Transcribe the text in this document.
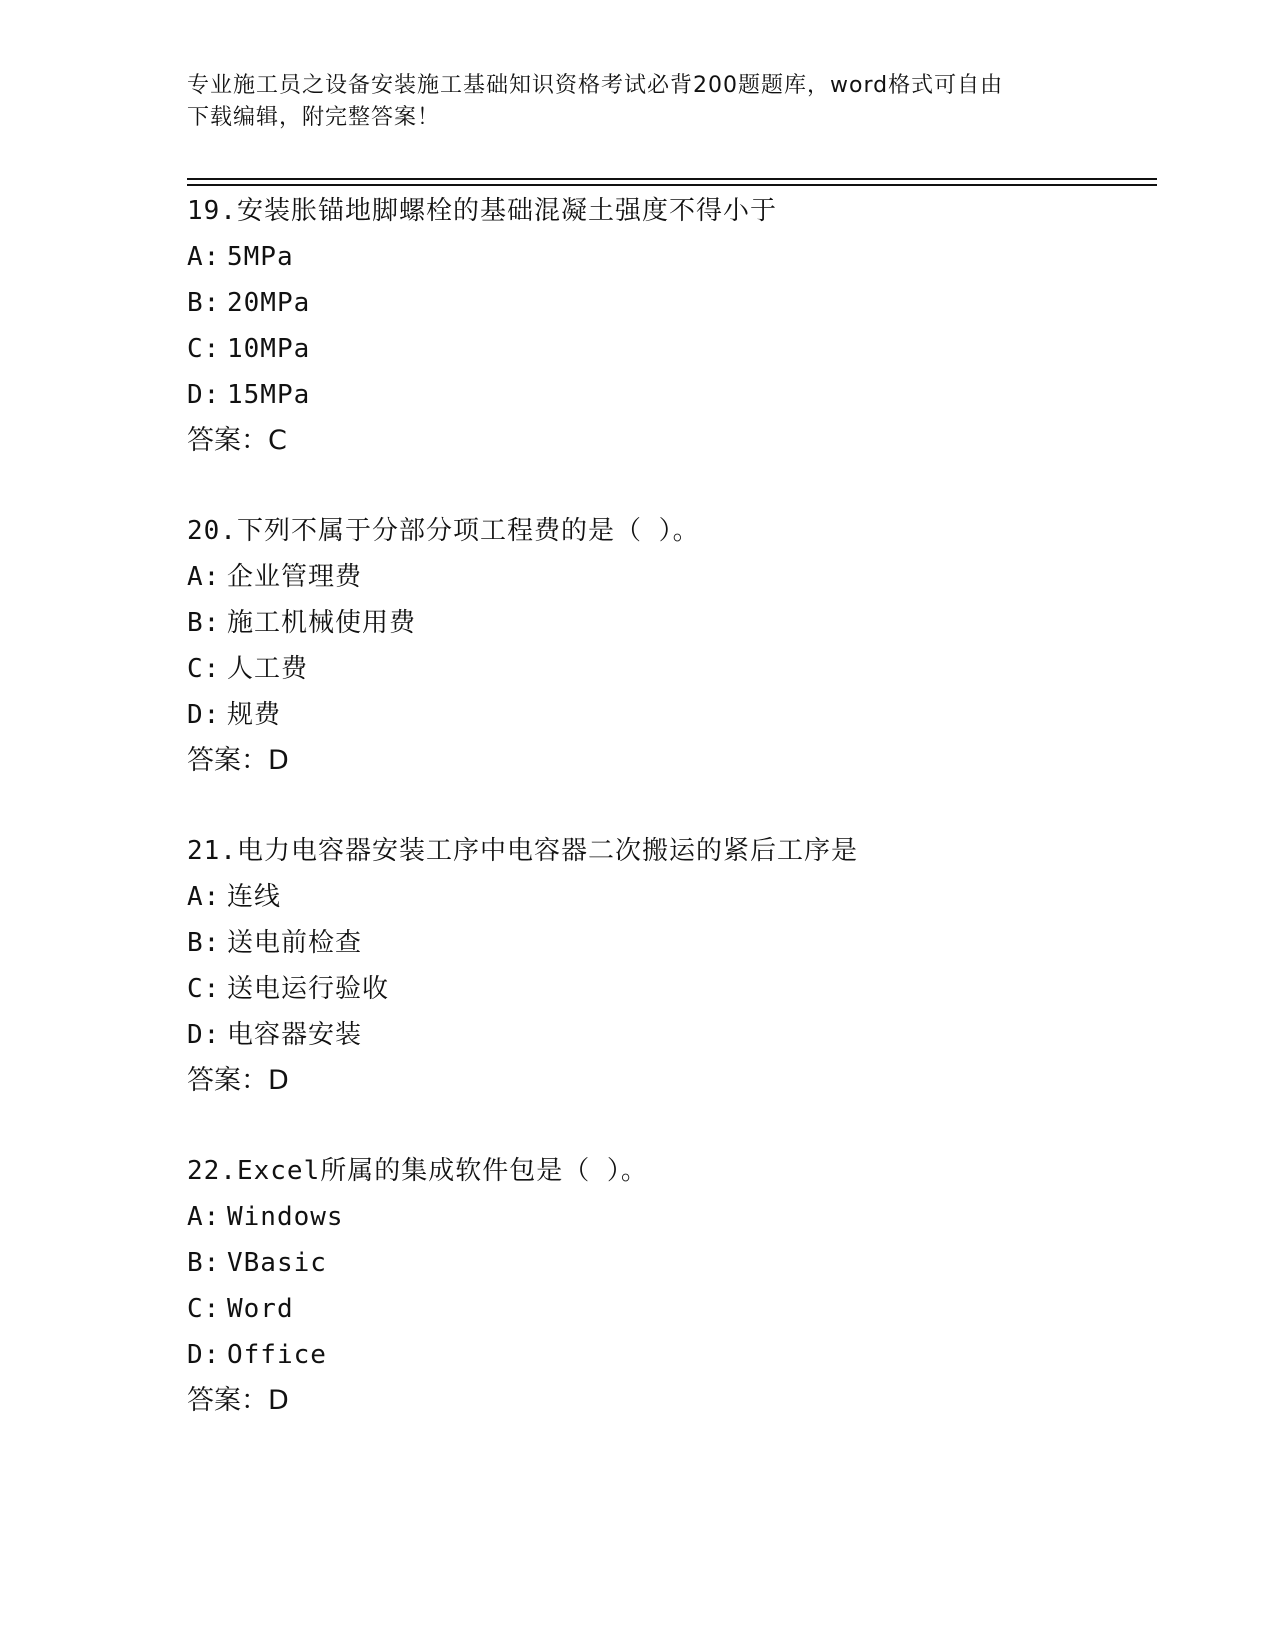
专业施工员之设备安装施工基础知识资格考试必背200题题库，word格式可自由
下载编辑，附完整答案！
19.安装胀锚地脚螺栓的基础混凝土强度不得小于
A: 5MPa
B: 20MPa
C: 10MPa
D: 15MPa
答案：C
20.下列不属于分部分项工程费的是（ ）。
A: 企业管理费
B: 施工机械使用费
C: 人工费
D: 规费
答案：D
21.电力电容器安装工序中电容器二次搬运的紧后工序是
A: 连线
B: 送电前检查
C: 送电运行验收
D: 电容器安装
答案：D
22.Excel所属的集成软件包是（ ）。
A: Windows
B: VBasic
C: Word
D: Office
答案：D
